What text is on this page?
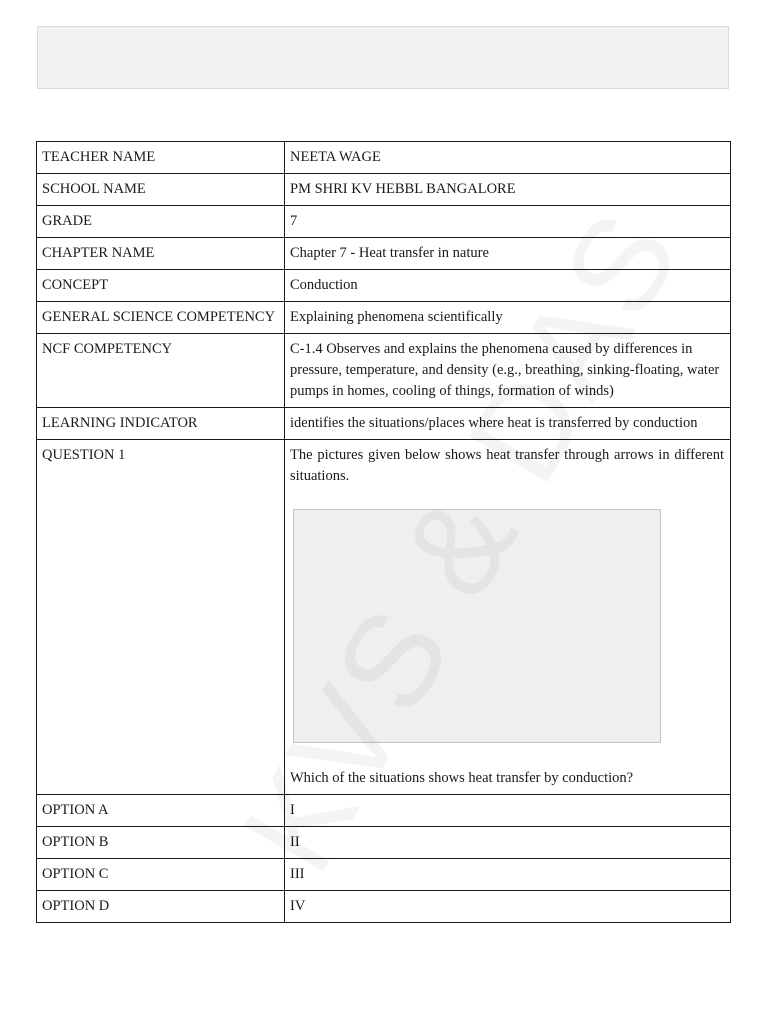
TEACHER NAME	NEETA WAGE
SCHOOL NAME	PM SHRI KV HEBBL BANGALORE
GRADE	7
CHAPTER NAME	Chapter 7 - Heat transfer in nature
CONCEPT	Conduction
GENERAL SCIENCE COMPETENCY	Explaining phenomena scientifically
NCF COMPETENCY	C-1.4 Observes and explains the phenomena caused by differences in pressure, temperature, and density (e.g., breathing, sinking-floating, water pumps in homes, cooling of things, formation of winds)
LEARNING INDICATOR	identifies the situations/places where heat is transferred by conduction
QUESTION 1	The pictures given below shows heat transfer through arrows in different situations.
Which of the situations shows heat transfer by conduction?

OPTION A	I
OPTION B	II
OPTION C	III
OPTION D	IV
